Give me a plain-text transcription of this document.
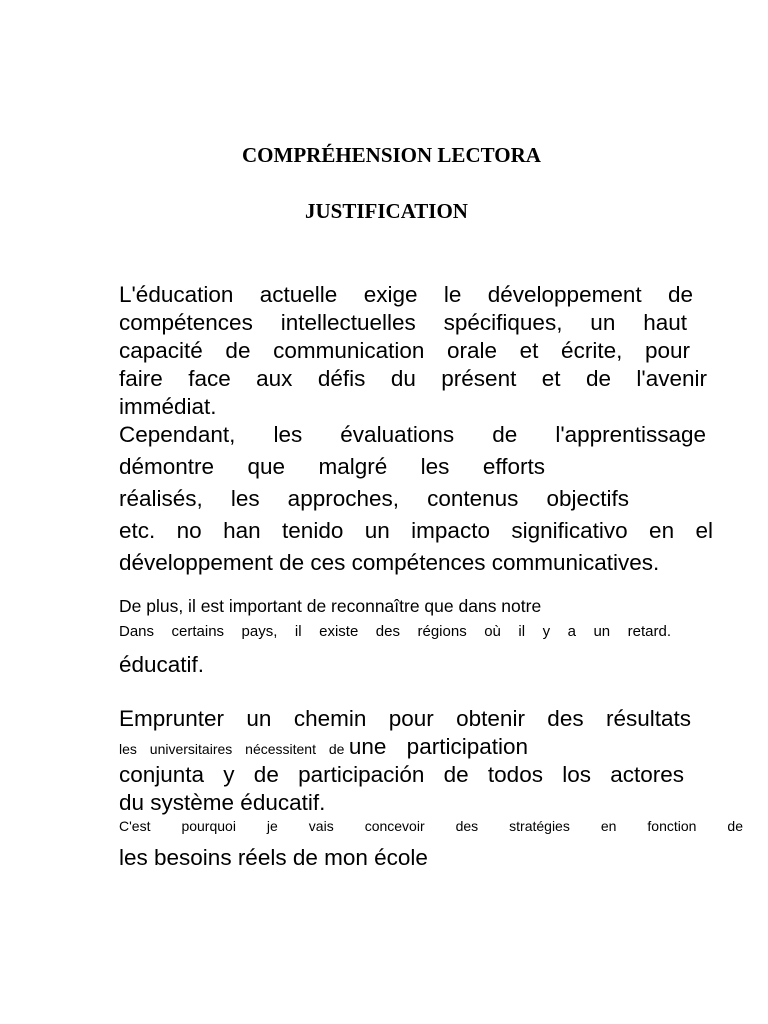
COMPRÉHENSION LECTORA
JUSTIFICATION

L'éducation actuelle exige le développement de

compétences intellectuelles spécifiques, un haut

capacité de communication orale et écrite, pour

faire face aux défis du présent et de l'avenir

immédiat.

Cependant, les évaluations de l'apprentissage

démontre que malgré les efforts

réalisés, les approches, contenus objectifs

etc. no han tenido un impacto significativo en el

développement de ces compétences communicatives.

De plus, il est important de reconnaître que dans notre

Dans certains pays, il existe des régions où il y a un retard.

éducatif.

Emprunter un chemin pour obtenir des résultats

les universitaires nécessitent de une participation

conjunta y de participación de todos los actores

du système éducatif.

C'est pourquoi je vais concevoir des stratégies en fonction de

les besoins réels de mon école
